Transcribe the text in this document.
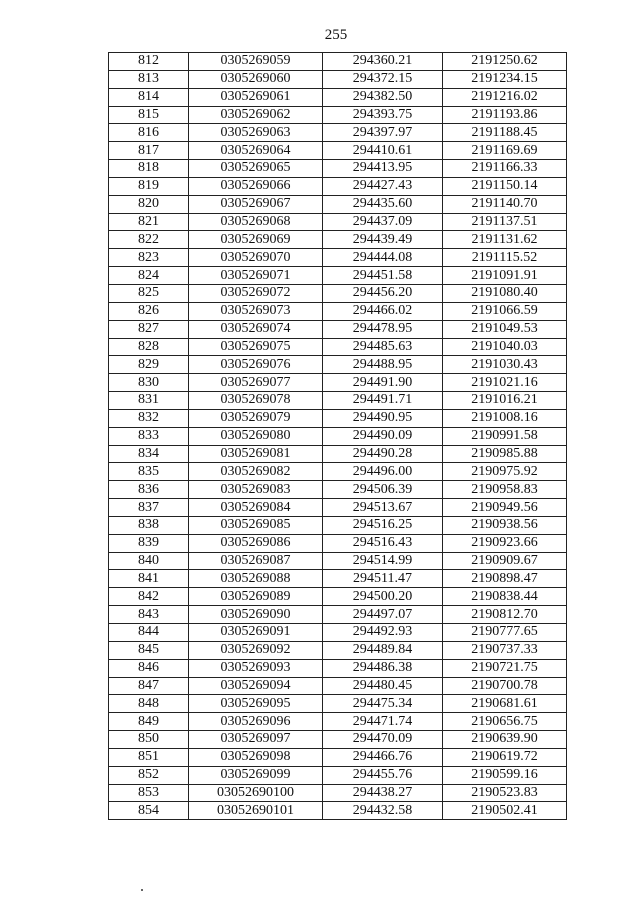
255
812	0305269059	294360.21	2191250.62
813	0305269060	294372.15	2191234.15
814	0305269061	294382.50	2191216.02
815	0305269062	294393.75	2191193.86
816	0305269063	294397.97	2191188.45
817	0305269064	294410.61	2191169.69
818	0305269065	294413.95	2191166.33
819	0305269066	294427.43	2191150.14
820	0305269067	294435.60	2191140.70
821	0305269068	294437.09	2191137.51
822	0305269069	294439.49	2191131.62
823	0305269070	294444.08	2191115.52
824	0305269071	294451.58	2191091.91
825	0305269072	294456.20	2191080.40
826	0305269073	294466.02	2191066.59
827	0305269074	294478.95	2191049.53
828	0305269075	294485.63	2191040.03
829	0305269076	294488.95	2191030.43
830	0305269077	294491.90	2191021.16
831	0305269078	294491.71	2191016.21
832	0305269079	294490.95	2191008.16
833	0305269080	294490.09	2190991.58
834	0305269081	294490.28	2190985.88
835	0305269082	294496.00	2190975.92
836	0305269083	294506.39	2190958.83
837	0305269084	294513.67	2190949.56
838	0305269085	294516.25	2190938.56
839	0305269086	294516.43	2190923.66
840	0305269087	294514.99	2190909.67
841	0305269088	294511.47	2190898.47
842	0305269089	294500.20	2190838.44
843	0305269090	294497.07	2190812.70
844	0305269091	294492.93	2190777.65
845	0305269092	294489.84	2190737.33
846	0305269093	294486.38	2190721.75
847	0305269094	294480.45	2190700.78
848	0305269095	294475.34	2190681.61
849	0305269096	294471.74	2190656.75
850	0305269097	294470.09	2190639.90
851	0305269098	294466.76	2190619.72
852	0305269099	294455.76	2190599.16
853	03052690100	294438.27	2190523.83
854	03052690101	294432.58	2190502.41
